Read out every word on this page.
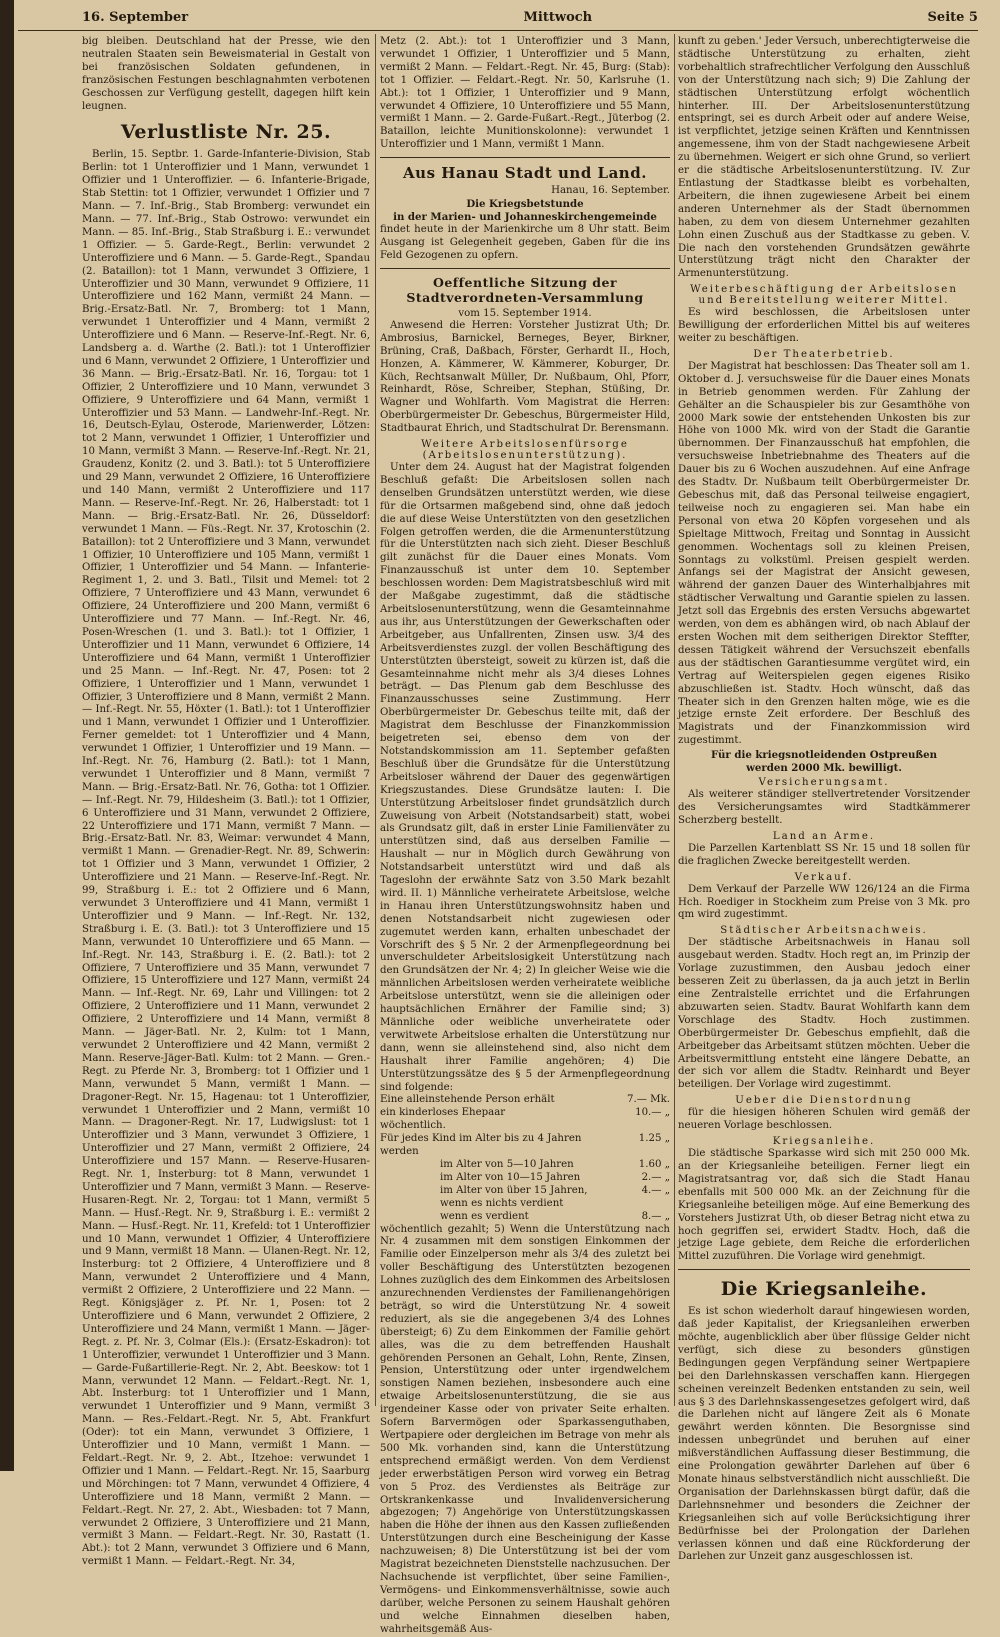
16. September	Mittwoch	Seite 5

big bleiben. Deutschland hat der Presse, wie den neutralen Staaten sein Beweismaterial in Gestalt von bei französischen Soldaten gefundenen, in französischen Festungen beschlagnahmten verbotenen Geschossen zur Verfügung gestellt, dagegen hilft kein leugnen.

Verlustliste Nr. 25.

Berlin, 15. Septbr. 1. Garde-Infanterie-Division, Stab Berlin: tot 1 Unteroffizier und 1 Mann, verwundet 1 Offizier und 1 Unteroffizier. — 6. Infanterie-Brigade, Stab Stettin: tot 1 Offizier, verwundet 1 Offizier und 7 Mann. — 7. Inf.-Brig., Stab Bromberg: verwundet ein Mann. — 77. Inf.-Brig., Stab Ostrowo: verwundet ein Mann. — 85. Inf.-Brig., Stab Straßburg i. E.: verwundet 1 Offizier. — 5. Garde-Regt., Berlin: verwundet 2 Unteroffiziere und 6 Mann. — 5. Garde-Regt., Spandau (2. Bataillon): tot 1 Mann, verwundet 3 Offiziere, 1 Unteroffizier und 30 Mann, verwundet 9 Offiziere, 11 Unteroffiziere und 162 Mann, vermißt 24 Mann. — Brig.-Ersatz-Batl. Nr. 7, Bromberg: tot 1 Mann, verwundet 1 Unteroffizier und 4 Mann, vermißt 2 Unteroffiziere und 6 Mann. — Reserve-Inf.-Regt. Nr. 6, Landsberg a. d. Warthe (2. Batl.): tot 1 Unteroffizier und 6 Mann, verwundet 2 Offiziere, 1 Unteroffizier und 36 Mann. — Brig.-Ersatz-Batl. Nr. 16, Torgau: tot 1 Offizier, 2 Unteroffiziere und 10 Mann, verwundet 3 Offiziere, 9 Unteroffiziere und 64 Mann, vermißt 1 Unteroffizier und 53 Mann. — Landwehr-Inf.-Regt. Nr. 16, Deutsch-Eylau, Osterode, Marienwerder, Lötzen: tot 2 Mann, verwundet 1 Offizier, 1 Unteroffizier und 10 Mann, vermißt 3 Mann. — Reserve-Inf.-Regt. Nr. 21, Graudenz, Konitz (2. und 3. Batl.): tot 5 Unteroffiziere und 29 Mann, verwundet 2 Offiziere, 16 Unteroffiziere und 140 Mann, vermißt 2 Unteroffiziere und 117 Mann. — Reserve-Inf.-Regt. Nr. 26, Halberstadt: tot 1 Mann. — Brig.-Ersatz-Batl. Nr. 26, Düsseldorf: verwundet 1 Mann. — Füs.-Regt. Nr. 37, Krotoschin (2. Bataillon): tot 2 Unteroffiziere und 3 Mann, verwundet 1 Offizier, 10 Unteroffiziere und 105 Mann, vermißt 1 Offizier, 1 Unteroffizier und 54 Mann. — Infanterie-Regiment 1, 2. und 3. Batl., Tilsit und Memel: tot 2 Offiziere, 7 Unteroffiziere und 43 Mann, verwundet 6 Offiziere, 24 Unteroffiziere und 200 Mann, vermißt 6 Unteroffiziere und 77 Mann. — Inf.-Regt. Nr. 46, Posen-Wreschen (1. und 3. Batl.): tot 1 Offizier, 1 Unteroffizier und 11 Mann, verwundet 6 Offiziere, 14 Unteroffiziere und 64 Mann, vermißt 1 Unteroffizier und 25 Mann. — Inf.-Regt. Nr. 47, Posen: tot 2 Offiziere, 1 Unteroffizier und 1 Mann, verwundet 1 Offizier, 3 Unteroffiziere und 8 Mann, vermißt 2 Mann. — Inf.-Regt. Nr. 55, Höxter (1. Batl.): tot 1 Unteroffizier und 1 Mann, verwundet 1 Offizier und 1 Unteroffizier. Ferner gemeldet: tot 1 Unteroffizier und 4 Mann, verwundet 1 Offizier, 1 Unteroffizier und 19 Mann. — Inf.-Regt. Nr. 76, Hamburg (2. Batl.): tot 1 Mann, verwundet 1 Unteroffizier und 8 Mann, vermißt 7 Mann. — Brig.-Ersatz-Batl. Nr. 76, Gotha: tot 1 Offizier. — Inf.-Regt. Nr. 79, Hildesheim (3. Batl.): tot 1 Offizier, 6 Unteroffiziere und 31 Mann, verwundet 2 Offiziere, 22 Unteroffiziere und 171 Mann, vermißt 7 Mann. — Brig.-Ersatz-Batl. Nr. 83, Weimar: verwundet 4 Mann, vermißt 1 Mann. — Grenadier-Regt. Nr. 89, Schwerin: tot 1 Offizier und 3 Mann, verwundet 1 Offizier, 2 Unteroffiziere und 21 Mann. — Reserve-Inf.-Regt. Nr. 99, Straßburg i. E.: tot 2 Offiziere und 6 Mann, verwundet 3 Unteroffiziere und 41 Mann, vermißt 1 Unteroffizier und 9 Mann. — Inf.-Regt. Nr. 132, Straßburg i. E. (3. Batl.): tot 3 Unteroffiziere und 15 Mann, verwundet 10 Unteroffiziere und 65 Mann. — Inf.-Regt. Nr. 143, Straßburg i. E. (2. Batl.): tot 2 Offiziere, 7 Unteroffiziere und 35 Mann, verwundet 7 Offiziere, 15 Unteroffiziere und 127 Mann, vermißt 24 Mann. — Inf.-Regt. Nr. 69, Lahr und Villingen: tot 2 Offiziere, 2 Unteroffiziere und 11 Mann, verwundet 2 Offiziere, 2 Unteroffiziere und 14 Mann, vermißt 8 Mann. — Jäger-Batl. Nr. 2, Kulm: tot 1 Mann, verwundet 2 Unteroffiziere und 42 Mann, vermißt 2 Mann. Reserve-Jäger-Batl. Kulm: tot 2 Mann. — Gren.-Regt. zu Pferde Nr. 3, Bromberg: tot 1 Offizier und 1 Mann, verwundet 5 Mann, vermißt 1 Mann. — Dragoner-Regt. Nr. 15, Hagenau: tot 1 Unteroffizier, verwundet 1 Unteroffizier und 2 Mann, vermißt 10 Mann. — Dragoner-Regt. Nr. 17, Ludwigslust: tot 1 Unteroffizier und 3 Mann, verwundet 3 Offiziere, 1 Unteroffizier und 27 Mann, vermißt 2 Offiziere, 24 Unteroffiziere und 157 Mann. — Reserve-Husaren-Regt. Nr. 1, Insterburg: tot 8 Mann, verwundet 1 Unteroffizier und 7 Mann, vermißt 3 Mann. — Reserve-Husaren-Regt. Nr. 2, Torgau: tot 1 Mann, vermißt 5 Mann. — Husf.-Regt. Nr. 9, Straßburg i. E.: vermißt 2 Mann. — Husf.-Regt. Nr. 11, Krefeld: tot 1 Unteroffizier und 10 Mann, verwundet 1 Offizier, 4 Unteroffiziere und 9 Mann, vermißt 18 Mann. — Ulanen-Regt. Nr. 12, Insterburg: tot 2 Offiziere, 4 Unteroffiziere und 8 Mann, verwundet 2 Unteroffiziere und 4 Mann, vermißt 2 Offiziere, 2 Unteroffiziere und 22 Mann. — Regt. Königsjäger z. Pf. Nr. 1, Posen: tot 2 Unteroffiziere und 6 Mann, verwundet 2 Offiziere, 2 Unteroffiziere und 24 Mann, vermißt 1 Mann. — Jäger-Regt. z. Pf. Nr. 3, Colmar (Els.): (Ersatz-Eskadron): tot 1 Unteroffizier, verwundet 1 Unteroffizier und 3 Mann. — Garde-Fußartillerie-Regt. Nr. 2, Abt. Beeskow: tot 1 Mann, verwundet 12 Mann. — Feldart.-Regt. Nr. 1, Abt. Insterburg: tot 1 Unteroffizier und 1 Mann, verwundet 1 Unteroffizier und 9 Mann, vermißt 3 Mann. — Res.-Feldart.-Regt. Nr. 5, Abt. Frankfurt (Oder): tot ein Mann, verwundet 3 Offiziere, 1 Unteroffizier und 10 Mann, vermißt 1 Mann. — Feldart.-Regt. Nr. 9, 2. Abt., Itzehoe: verwundet 1 Offizier und 1 Mann. — Feldart.-Regt. Nr. 15, Saarburg und Mörchingen: tot 7 Mann, verwundet 4 Offiziere, 4 Unteroffiziere und 18 Mann, vermißt 2 Mann. — Feldart.-Regt. Nr. 27, 2. Abt., Wiesbaden: tot 7 Mann, verwundet 2 Offiziere, 3 Unteroffiziere und 21 Mann, vermißt 3 Mann. — Feldart.-Regt. Nr. 30, Rastatt (1. Abt.): tot 2 Mann, verwundet 3 Offiziere und 6 Mann, vermißt 1 Mann. — Feldart.-Regt. Nr. 34,

Metz (2. Abt.): tot 1 Unteroffizier und 3 Mann, verwundet 1 Offizier, 1 Unteroffizier und 5 Mann, vermißt 2 Mann. — Feldart.-Regt. Nr. 45, Burg: (Stab): tot 1 Offizier. — Feldart.-Regt. Nr. 50, Karlsruhe (1. Abt.): tot 1 Offizier, 1 Unteroffizier und 9 Mann, verwundet 4 Offiziere, 10 Unteroffiziere und 55 Mann, vermißt 1 Mann. — 2. Garde-Fußart.-Regt., Jüterbog (2. Bataillon, leichte Munitionskolonne): verwundet 1 Unteroffizier und 1 Mann, vermißt 1 Mann.

Aus Hanau Stadt und Land.
Hanau, 16. September.
Die Kriegsbetstunde
in der Marien- und Johanneskirchengemeinde

findet heute in der Marienkirche um 8 Uhr statt. Beim Ausgang ist Gelegenheit gegeben, Gaben für die ins Feld Gezogenen zu opfern.

Oeffentliche Sitzung der Stadtverordneten-Versammlung
vom 15. September 1914.

Anwesend die Herren: Vorsteher Justizrat Uth; Dr. Ambrosius, Barnickel, Berneges, Beyer, Birkner, Brüning, Craß, Daßbach, Förster, Gerhardt II., Hoch, Honzen, A. Kämmerer, W. Kämmerer, Koburger, Dr. Küch, Rechtsanwalt Müller, Dr. Nußbaum, Ohl, Pforr, Reinhardt, Röse, Schreiber, Stephan, Stüßing, Dr. Wagner und Wohlfarth. Vom Magistrat die Herren: Oberbürgermeister Dr. Gebeschus, Bürgermeister Hild, Stadtbaurat Ehrich, und Stadtschulrat Dr. Berensmann.

Weitere Arbeitslosenfürsorge (Arbeitslosenunterstützung).

Unter dem 24. August hat der Magistrat folgenden Beschluß gefaßt: Die Arbeitslosen sollen nach denselben Grundsätzen unterstützt werden, wie diese für die Ortsarmen maßgebend sind, ohne daß jedoch die auf diese Weise Unterstützten von den gesetzlichen Folgen getroffen werden, die die Armenunterstützung für die Unterstützten nach sich zieht. Dieser Beschluß gilt zunächst für die Dauer eines Monats. Vom Finanzausschuß ist unter dem 10. September beschlossen worden: Dem Magistratsbeschluß wird mit der Maßgabe zugestimmt, daß die städtische Arbeitslosenunterstützung, wenn die Gesamteinnahme aus ihr, aus Unterstützungen der Gewerkschaften oder Arbeitgeber, aus Unfallrenten, Zinsen usw. 3/4 des Arbeitsverdienstes zuzgl. der vollen Beschäftigung des Unterstützten übersteigt, soweit zu kürzen ist, daß die Gesamteinnahme nicht mehr als 3/4 dieses Lohnes beträgt. — Das Plenum gab dem Beschlusse des Finanzausschusses seine Zustimmung. Herr Oberbürgermeister Dr. Gebeschus teilte mit, daß der Magistrat dem Beschlusse der Finanzkommission beigetreten sei, ebenso dem von der Notstandskommission am 11. September gefaßten Beschluß über die Grundsätze für die Unterstützung Arbeitsloser während der Dauer des gegenwärtigen Kriegszustandes. Diese Grundsätze lauten: I. Die Unterstützung Arbeitsloser findet grundsätzlich durch Zuweisung von Arbeit (Notstandsarbeit) statt, wobei als Grundsatz gilt, daß in erster Linie Familienväter zu unterstützen sind, daß aus derselben Familie — Haushalt — nur in Möglich durch Gewährung von Notstandsarbeit unterstützt wird und daß als Tageslohn der erwähnte Satz von 3.50 Mark bezahlt wird. II. 1) Männliche verheiratete Arbeitslose, welche in Hanau ihren Unterstützungswohnsitz haben und denen Notstandsarbeit nicht zugewiesen oder zugemutet werden kann, erhalten unbeschadet der Vorschrift des § 5 Nr. 2 der Armenpflegeordnung bei unverschuldeter Arbeitslosigkeit Unterstützung nach den Grundsätzen der Nr. 4; 2) In gleicher Weise wie die männlichen Arbeitslosen werden verheiratete weibliche Arbeitslose unterstützt, wenn sie die alleinigen oder hauptsächlichen Ernährer der Familie sind; 3) Männliche oder weibliche unverheiratete oder verwitwete Arbeitslose erhalten die Unterstützung nur dann, wenn sie alleinstehend sind, also nicht dem Haushalt ihrer Familie angehören; 4) Die Unterstützungssätze des § 5 der Armenpflegeordnung sind folgende:

Eine alleinstehende Person erhält	7.— Mk.
ein kinderloses Ehepaar	10.— „
wöchentlich.	
Für jedes Kind im Alter bis zu 4 Jahren werden	1.25 „
im Alter von 5—10 Jahren	1.60 „
im Alter von 10—15 Jahren	2.— „
im Alter von über 15 Jahren, wenn es nichts verdient	4.— „
wenn es verdient	8.— „

wöchentlich gezahlt; 5) Wenn die Unterstützung nach Nr. 4 zusammen mit dem sonstigen Einkommen der Familie oder Einzelperson mehr als 3/4 des zuletzt bei voller Beschäftigung des Unterstützten bezogenen Lohnes zuzüglich des dem Einkommen des Arbeitslosen anzurechnenden Verdienstes der Familienangehörigen beträgt, so wird die Unterstützung Nr. 4 soweit reduziert, als sie die angegebenen 3/4 des Lohnes übersteigt; 6) Zu dem Einkommen der Familie gehört alles, was die zu dem betreffenden Haushalt gehörenden Personen an Gehalt, Lohn, Rente, Zinsen, Pension, Unterstützung oder unter irgendwelchem sonstigen Namen beziehen, insbesondere auch eine etwaige Arbeitslosenunterstützung, die sie aus irgendeiner Kasse oder von privater Seite erhalten. Sofern Barvermögen oder Sparkassenguthaben, Wertpapiere oder dergleichen im Betrage von mehr als 500 Mk. vorhanden sind, kann die Unterstützung entsprechend ermäßigt werden. Von dem Verdienst jeder erwerbstätigen Person wird vorweg ein Betrag von 5 Proz. des Verdienstes als Beiträge zur Ortskrankenkasse und Invalidenversicherung abgezogen; 7) Angehörige von Unterstützungskassen haben die Höhe der ihnen aus den Kassen zufließenden Unterstützungen durch eine Bescheinigung der Kasse nachzuweisen; 8) Die Unterstützung ist bei der vom Magistrat bezeichneten Dienststelle nachzusuchen. Der Nachsuchende ist verpflichtet, über seine Familien-, Vermögens- und Einkommensverhältnisse, sowie auch darüber, welche Personen zu seinem Haushalt gehören und welche Einnahmen dieselben haben, wahrheitsgemäß Aus-

kunft zu geben.' Jeder Versuch, unberechtigterweise die städtische Unterstützung zu erhalten, zieht vorbehaltlich strafrechtlicher Verfolgung den Ausschluß von der Unterstützung nach sich; 9) Die Zahlung der städtischen Unterstützung erfolgt wöchentlich hinterher. III. Der Arbeitslosenunterstützung entspringt, sei es durch Arbeit oder auf andere Weise, ist verpflichtet, jetzige seinen Kräften und Kenntnissen angemessene, ihm von der Stadt nachgewiesene Arbeit zu übernehmen. Weigert er sich ohne Grund, so verliert er die städtische Arbeitslosenunterstützung. IV. Zur Entlastung der Stadtkasse bleibt es vorbehalten, Arbeitern, die ihnen zugewiesene Arbeit bei einem anderen Unternehmer als der Stadt übernommen haben, zu dem von diesem Unternehmer gezahlten Lohn einen Zuschuß aus der Stadtkasse zu geben. V. Die nach den vorstehenden Grundsätzen gewährte Unterstützung trägt nicht den Charakter der Armenunterstützung.

Weiterbeschäftigung der Arbeitslosen und Bereitstellung weiterer Mittel.

Es wird beschlossen, die Arbeitslosen unter Bewilligung der erforderlichen Mittel bis auf weiteres weiter zu beschäftigen.

Der Theaterbetrieb.

Der Magistrat hat beschlossen: Das Theater soll am 1. Oktober d. J. versuchsweise für die Dauer eines Monats in Betrieb genommen werden. Für Zahlung der Gehälter an die Schauspieler bis zur Gesamthöhe von 2000 Mark sowie der entstehenden Unkosten bis zur Höhe von 1000 Mk. wird von der Stadt die Garantie übernommen. Der Finanzausschuß hat empfohlen, die versuchsweise Inbetriebnahme des Theaters auf die Dauer bis zu 6 Wochen auszudehnen. Auf eine Anfrage des Stadtv. Dr. Nußbaum teilt Oberbürgermeister Dr. Gebeschus mit, daß das Personal teilweise engagiert, teilweise noch zu engagieren sei. Man habe ein Personal von etwa 20 Köpfen vorgesehen und als Spieltage Mittwoch, Freitag und Sonntag in Aussicht genommen. Wochentags soll zu kleinen Preisen, Sonntags zu volkstüml. Preisen gespielt werden. Anfangs sei der Magistrat der Ansicht gewesen, während der ganzen Dauer des Winterhalbjahres mit städtischer Verwaltung und Garantie spielen zu lassen. Jetzt soll das Ergebnis des ersten Versuchs abgewartet werden, von dem es abhängen wird, ob nach Ablauf der ersten Wochen mit dem seitherigen Direktor Steffter, dessen Tätigkeit während der Versuchszeit ebenfalls aus der städtischen Garantiesumme vergütet wird, ein Vertrag auf Weiterspielen gegen eigenes Risiko abzuschließen ist. Stadtv. Hoch wünscht, daß das Theater sich in den Grenzen halten möge, wie es die jetzige ernste Zeit erfordere. Der Beschluß des Magistrats und der Finanzkommission wird zugestimmt.

Für die kriegsnotleidenden Ostpreußen
werden 2000 Mk. bewilligt.
Versicherungsamt.

Als weiterer ständiger stellvertretender Vorsitzender des Versicherungsamtes wird Stadtkämmerer Scherzberg bestellt.

Land an Arme.

Die Parzellen Kartenblatt SS Nr. 15 und 18 sollen für die fraglichen Zwecke bereitgestellt werden.

Verkauf.

Dem Verkauf der Parzelle WW 126/124 an die Firma Hch. Roediger in Stockheim zum Preise von 3 Mk. pro qm wird zugestimmt.

Städtischer Arbeitsnachweis.

Der städtische Arbeitsnachweis in Hanau soll ausgebaut werden. Stadtv. Hoch regt an, im Prinzip der Vorlage zuzustimmen, den Ausbau jedoch einer besseren Zeit zu überlassen, da ja auch jetzt in Berlin eine Zentralstelle errichtet und die Erfahrungen abzuwarten seien. Stadtv. Baurat Wohlfarth kann dem Vorschlage des Stadtv. Hoch zustimmen. Oberbürgermeister Dr. Gebeschus empfiehlt, daß die Arbeitgeber das Arbeitsamt stützen möchten. Ueber die Arbeitsvermittlung entsteht eine längere Debatte, an der sich vor allem die Stadtv. Reinhardt und Beyer beteiligen. Der Vorlage wird zugestimmt.

Ueber die Dienstordnung

für die hiesigen höheren Schulen wird gemäß der neueren Vorlage beschlossen.

Kriegsanleihe.

Die städtische Sparkasse wird sich mit 250 000 Mk. an der Kriegsanleihe beteiligen. Ferner liegt ein Magistratsantrag vor, daß sich die Stadt Hanau ebenfalls mit 500 000 Mk. an der Zeichnung für die Kriegsanleihe beteiligen möge. Auf eine Bemerkung des Vorstehers Justizrat Uth, ob dieser Betrag nicht etwa zu hoch gegriffen sei, erwidert Stadtv. Hoch, daß die jetzige Lage gebiete, dem Reiche die erforderlichen Mittel zuzuführen. Die Vorlage wird genehmigt.

Die Kriegsanleihe.

Es ist schon wiederholt darauf hingewiesen worden, daß jeder Kapitalist, der Kriegsanleihen erwerben möchte, augenblicklich aber über flüssige Gelder nicht verfügt, sich diese zu besonders günstigen Bedingungen gegen Verpfändung seiner Wertpapiere bei den Darlehnskassen verschaffen kann. Hiergegen scheinen vereinzelt Bedenken entstanden zu sein, weil aus § 3 des Darlehnskassengesetzes gefolgert wird, daß die Darlehen nicht auf längere Zeit als 6 Monate gewährt werden könnten. Die Besorgnisse sind indessen unbegründet und beruhen auf einer mißverständlichen Auffassung dieser Bestimmung, die eine Prolongation gewährter Darlehen auf über 6 Monate hinaus selbstverständlich nicht ausschließt. Die Organisation der Darlehnskassen bürgt dafür, daß die Darlehnsnehmer und besonders die Zeichner der Kriegsanleihen sich auf volle Berücksichtigung ihrer Bedürfnisse bei der Prolongation der Darlehen verlassen können und daß eine Rückforderung der Darlehen zur Unzeit ganz ausgeschlossen ist.
